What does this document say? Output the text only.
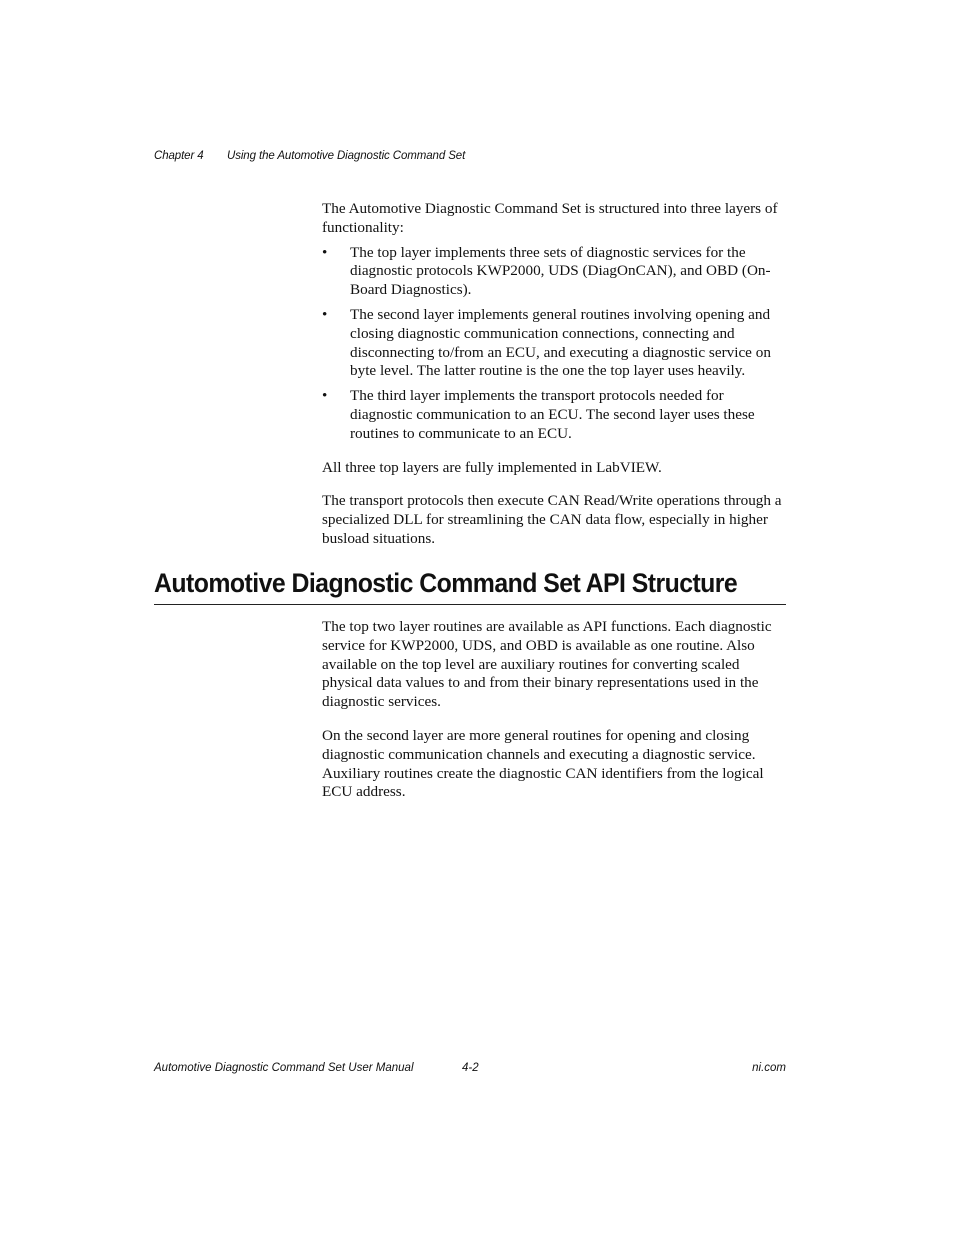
Chapter 4 Using the Automotive Diagnostic Command Set

The Automotive Diagnostic Command Set is structured into three layers of functionality:

• The top layer implements three sets of diagnostic services for the diagnostic protocols KWP2000, UDS (DiagOnCAN), and OBD (On-Board Diagnostics).
• The second layer implements general routines involving opening and closing diagnostic communication connections, connecting and disconnecting to/from an ECU, and executing a diagnostic service on byte level. The latter routine is the one the top layer uses heavily.
• The third layer implements the transport protocols needed for diagnostic communication to an ECU. The second layer uses these routines to communicate to an ECU.

All three top layers are fully implemented in LabVIEW.

The transport protocols then execute CAN Read/Write operations through a specialized DLL for streamlining the CAN data flow, especially in higher busload situations.

Automotive Diagnostic Command Set API Structure

The top two layer routines are available as API functions. Each diagnostic service for KWP2000, UDS, and OBD is available as one routine. Also available on the top level are auxiliary routines for converting scaled physical data values to and from their binary representations used in the diagnostic services.

On the second layer are more general routines for opening and closing diagnostic communication channels and executing a diagnostic service. Auxiliary routines create the diagnostic CAN identifiers from the logical ECU address.

Automotive Diagnostic Command Set User Manual	4-2	ni.com
